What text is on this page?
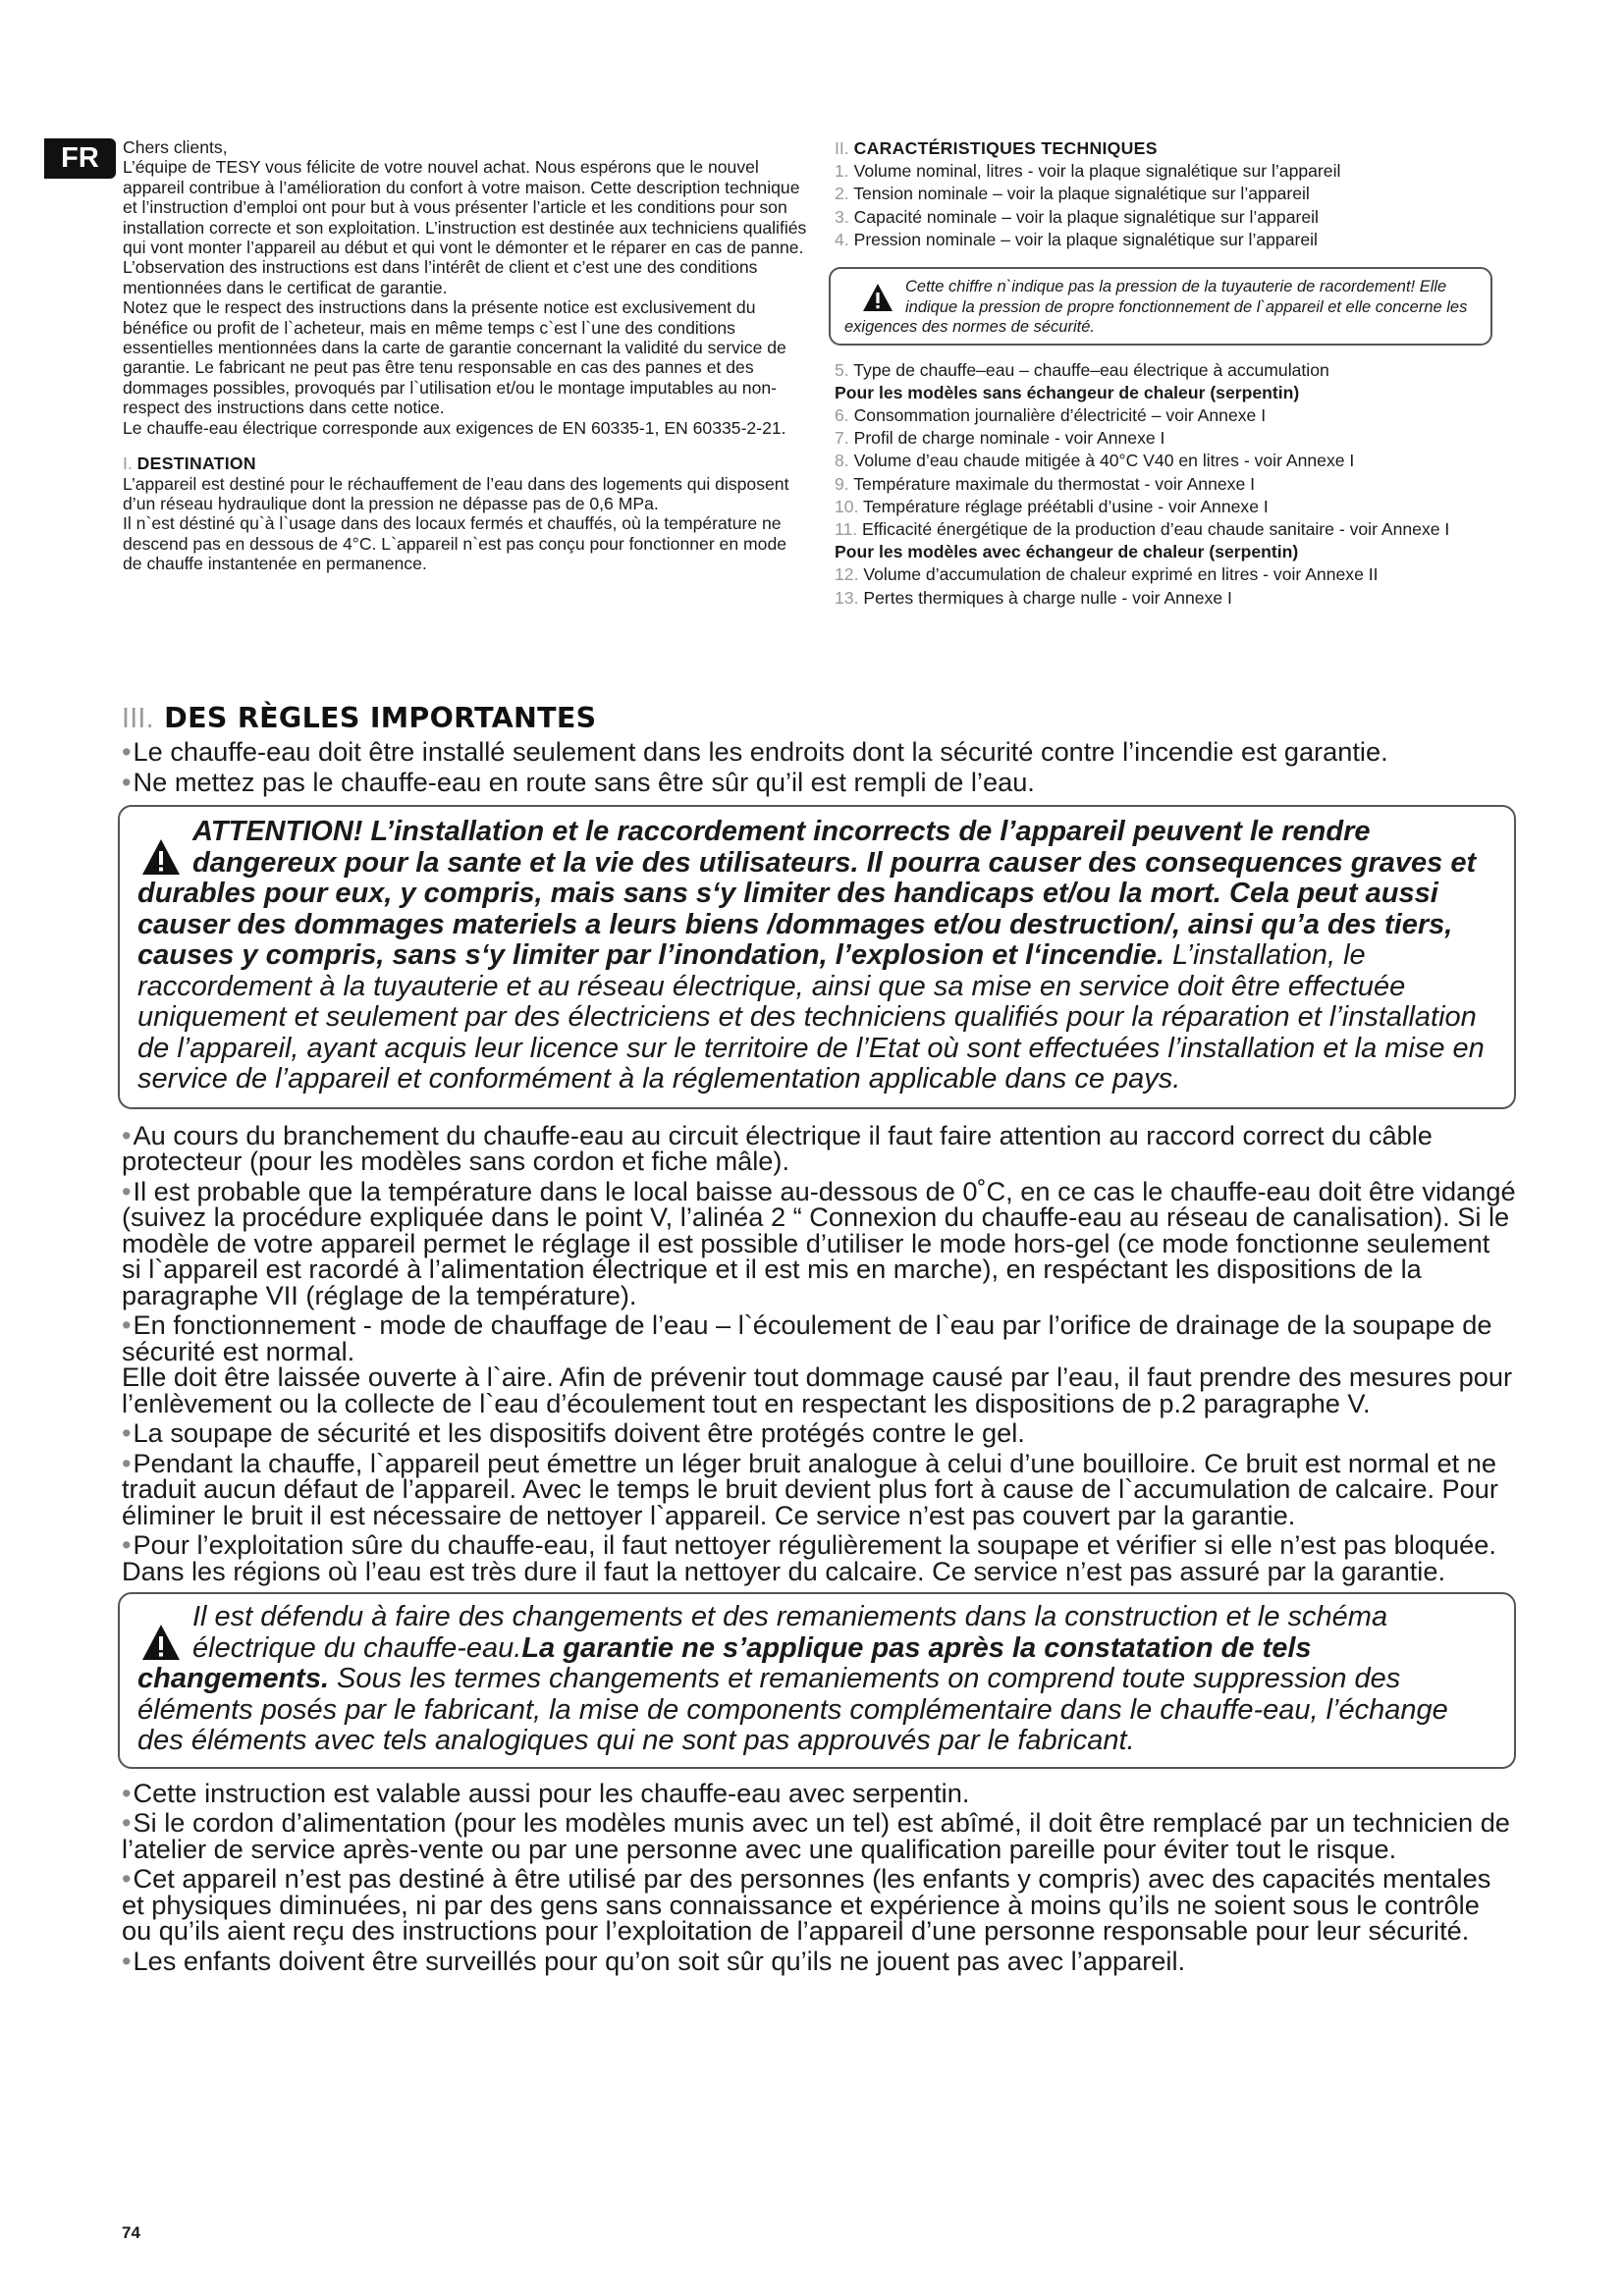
FR	Chers clients,

L’équipe de TESY vous félicite de votre nouvel achat. Nous espérons que le nouvel appareil contribue à l’amélioration du confort à votre maison. Cette description technique et l’instruction d’emploi ont pour but à vous présenter l’article et les conditions pour son installation correcte et son exploitation. L’instruction est destinée aux techniciens qualifiés qui vont monter l’appareil au début et qui vont le démonter et le réparer en cas de panne.

L’observation des instructions est dans l’intérêt de client et c’est une des conditions mentionnées dans le certificat de garantie.

Notez que le respect des instructions dans la présente notice est exclusivement du bénéfice ou profit de l`acheteur, mais en même temps c`est l`une des conditions essentielles mentionnées dans la carte de garantie concernant la validité du service de garantie. Le fabricant ne peut pas être tenu responsable en cas des pannes et des dommages possibles, provoqués par l`utilisation et/ou le montage imputables au non-respect des instructions dans cette notice.

Le chauffe-eau électrique corresponde aux exigences de EN 60335-1, EN 60335-2-21.

I. DESTINATION

L’appareil est destiné pour le réchauffement de l’eau dans des logements qui disposent d’un réseau hydraulique dont la pression ne dépasse pas de 0,6 MPa.

Il n`est déstiné qu`à l`usage dans des locaux fermés et chauffés, où la température ne descend pas en dessous de 4°C. L`appareil n`est pas conçu pour fonctionner en mode de chauffe instantenée en permanence.

II. CARACTÉRISTIQUES TECHNIQUES
1. Volume nominal, litres - voir la plaque signalétique sur l’appareil
2. Tension nominale – voir la plaque signalétique sur l’appareil
3. Capacité nominale – voir la plaque signalétique sur l’appareil
4. Pression nominale – voir la plaque signalétique sur l’appareil
Cette chiffre n`indique pas la pression de la tuyauterie de racordement! Elle indique la pression de propre fonctionnement de l`appareil et elle concerne les exigences des normes de sécurité.
5. Type de chauffe–eau – chauffe–eau électrique à accumulation
Pour les modèles sans échangeur de chaleur (serpentin)
6. Consommation journalière d’électricité – voir Annexe I
7. Profil de charge nominale - voir Annexe I
8. Volume d’eau chaude mitigée à 40°C V40 en litres - voir Annexe I
9. Température maximale du thermostat - voir Annexe I
10. Température réglage préétabli d’usine - voir Annexe I
11. Efficacité énergétique de la production d’eau chaude sanitaire - voir Annexe I
Pour les modèles avec échangeur de chaleur (serpentin)
12. Volume d’accumulation de chaleur exprimé en litres - voir Annexe II
13. Pertes thermiques à charge nulle - voir Annexe I
III. DES RÈGLES IMPORTANTES

• Le chauffe-eau doit être installé seulement dans les endroits dont la sécurité contre l’incendie est garantie.

• Ne mettez pas le chauffe-eau en route sans être sûr qu’il est rempli de l’eau.

ATTENTION! L’installation et le raccordement incorrects de l’appareil peuvent le rendre dangereux pour la sante et la vie des utilisateurs. Il pourra causer des consequences graves et durables pour eux, y compris, mais sans s‘y limiter des handicaps et/ou la mort. Cela peut aussi causer des dommages materiels a leurs biens /dommages et/ou destruction/, ainsi qu’a des tiers, causes y compris, sans s‘y limiter par l’inondation, l’explosion et l‘incendie. L’installation, le raccordement à la tuyauterie et au réseau électrique, ainsi que sa mise en service doit être effectuée uniquement et seulement par des électriciens et des techniciens qualifiés pour la réparation et l’installation de l’appareil, ayant acquis leur licence sur le territoire de l’Etat où sont effectuées l’installation et la mise en service de l’appareil et conformément à la réglementation applicable dans ce pays.

• Au cours du branchement du chauffe-eau au circuit électrique il faut faire attention au raccord correct du câble protecteur (pour les modèles sans cordon et fiche mâle).

• Il est probable que la température dans le local baisse au-dessous de 0˚C, en ce cas le chauffe-eau doit être vidangé (suivez la procédure expliquée dans le point V, l’alinéa 2 “ Connexion du chauffe-eau au réseau de canalisation). Si le modèle de votre appareil permet le réglage il est possible d’utiliser le mode hors-gel (ce mode fonctionne seulement si l`appareil est racordé à l’alimentation électrique et il est mis en marche), en respéctant les dispositions de la paragraphe VII (réglage de la température).

• En fonctionnement - mode de chauffage de l’eau – l`écoulement de l`eau par l’orifice de drainage de la soupape de sécurité est normal.

Elle doit être laissée ouverte à l`aire. Afin de prévenir tout dommage causé par l’eau, il faut prendre des mesures pour l’enlèvement ou la collecte de l`eau d’écoulement tout en respectant les dispositions de p.2 paragraphe V.

• La soupape de sécurité et les dispositifs doivent être protégés contre le gel.

• Pendant la chauffe, l`appareil peut émettre un léger bruit analogue à celui d’une bouilloire. Ce bruit est normal et ne traduit aucun défaut de l’appareil. Avec le temps le bruit devient plus fort à cause de l`accumulation de calcaire. Pour éliminer le bruit il est nécessaire de nettoyer l`appareil. Ce service n’est pas couvert par la garantie.

• Pour l’exploitation sûre du chauffe-eau, il faut nettoyer régulièrement la soupape et vérifier si elle n’est pas bloquée. Dans les régions où l’eau est très dure il faut la nettoyer du calcaire. Ce service n’est pas assuré par la garantie.

Il est défendu à faire des changements et des remaniements dans la construction et le schéma électrique du chauffe-eau.La garantie ne s’applique pas après la constatation de tels changements. Sous les termes changements et remaniements on comprend toute suppression des éléments posés par le fabricant, la mise de components complémentaire dans le chauffe-eau, l’échange des éléments avec tels analogiques qui ne sont pas approuvés par le fabricant.

• Cette instruction est valable aussi pour les chauffe-eau avec serpentin.

• Si le cordon d’alimentation (pour les modèles munis avec un tel) est abîmé, il doit être remplacé par un technicien de l’atelier de service après-vente ou par une personne avec une qualification pareille pour éviter tout le risque.

• Cet appareil n’est pas destiné à être utilisé par des personnes (les enfants y compris) avec des capacités mentales et physiques diminuées, ni par des gens sans connaissance et expérience à moins qu’ils ne soient sous le contrôle ou qu’ils aient reçu des instructions pour l’exploitation de l’appareil d’une personne responsable pour leur sécurité.

• Les enfants doivent être surveillés pour qu’on soit sûr qu’ils ne jouent pas avec l’appareil.

74
